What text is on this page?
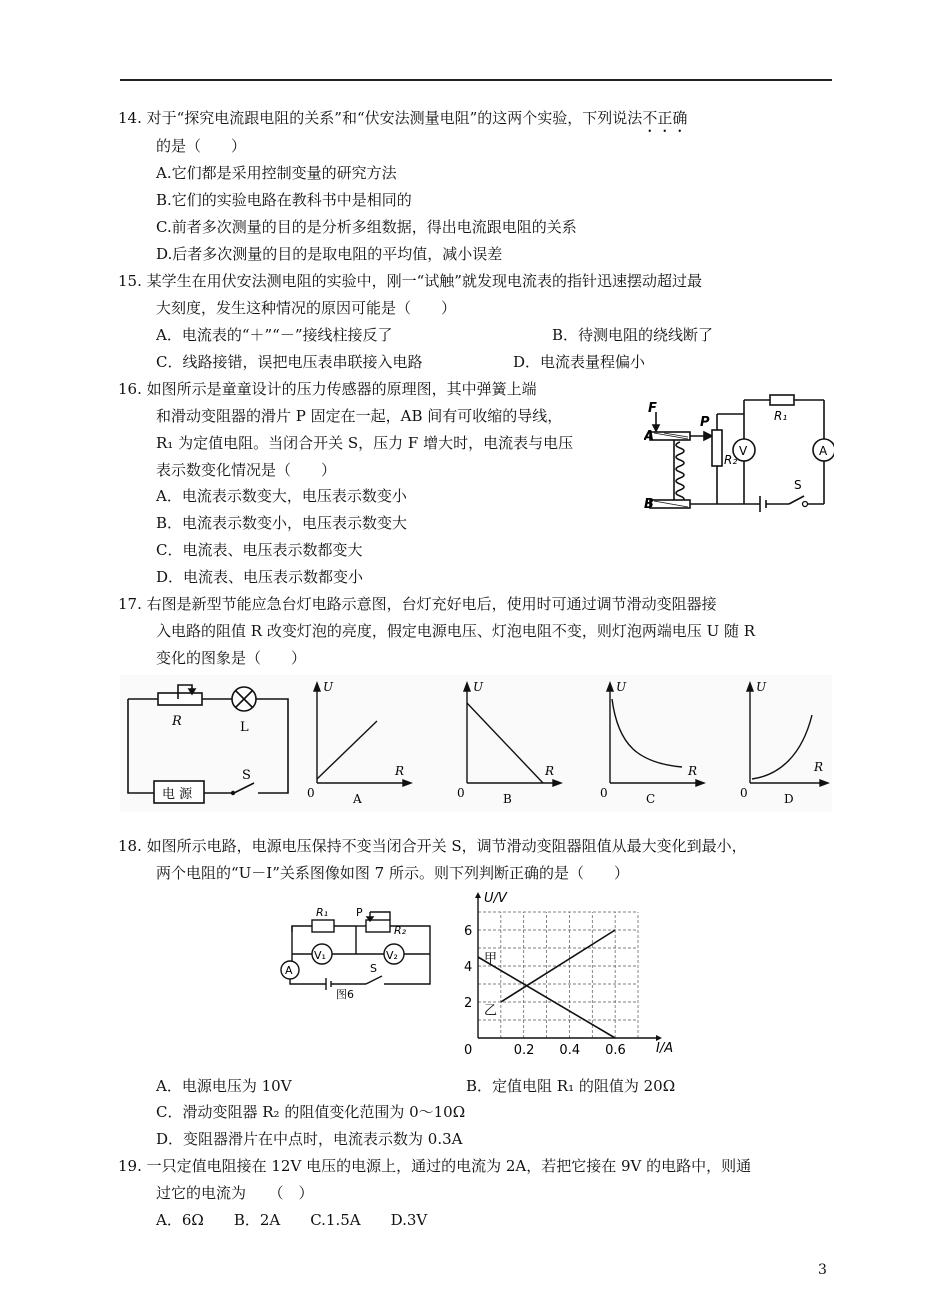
14. 对于“探究电流跟电阻的关系”和“伏安法测量电阻”的这两个实验，下列说法不正确
的是（　　）
A.它们都是采用控制变量的研究方法
B.它们的实验电路在教科书中是相同的
C.前者多次测量的目的是分析多组数据，得出电流跟电阻的关系
D.后者多次测量的目的是取电阻的平均值，减小误差
15. 某学生在用伏安法测电阻的实验中，刚一“试触”就发现电流表的指针迅速摆动超过最
大刻度，发生这种情况的原因可能是（　　）
A．电流表的“＋”“－”接线柱接反了	B．待测电阻的绕线断了
C．线路接错，误把电压表串联接入电路	D．电流表量程偏小
16. 如图所示是童童设计的压力传感器的原理图，其中弹簧上端
和滑动变阻器的滑片 P 固定在一起，AB 间有可收缩的导线，
R₁ 为定值电阻。当闭合开关 S，压力 F 增大时，电流表与电压
表示数变化情况是（　　）
A．电流表示数变大，电压表示数变小
B．电流表示数变小，电压表示数变大
C．电流表、电压表示数都变大
D．电流表、电压表示数都变小
F
P
A
B
R₂
R₁
V	A
S
17. 右图是新型节能应急台灯电路示意图，台灯充好电后，使用时可通过调节滑动变阻器接
入电路的阻值 R 改变灯泡的亮度，假定电源电压、灯泡电阻不变，则灯泡两端电压 U 随 R
变化的图象是（　　）
R	L
S
电 源
U
R
0	A
U
R
0	B
U
R
0	C
U
R
0	D
18. 如图所示电路，电源电压保持不变当闭合开关 S，调节滑动变阻器阻值从最大变化到最小，
两个电阻的“U－I”关系图像如图 7 所示。则下列判断正确的是（　　）
R₁	P
R₂
V₁	V₂
A	S
图6
0.2 0.4 0.6
2
4
6
0	I/A
U/V
甲
乙
A．电源电压为 10V	B．定值电阻 R₁ 的阻值为 20Ω
C．滑动变阻器 R₂ 的阻值变化范围为 0～10Ω
D．变阻器滑片在中点时，电流表示数为 0.3A
19. 一只定值电阻接在 12V 电压的电源上，通过的电流为 2A，若把它接在 9V 的电路中，则通
过它的电流为　　（　）
A．6Ω　　B．2A　　C.1.5A　　D.3V
3
